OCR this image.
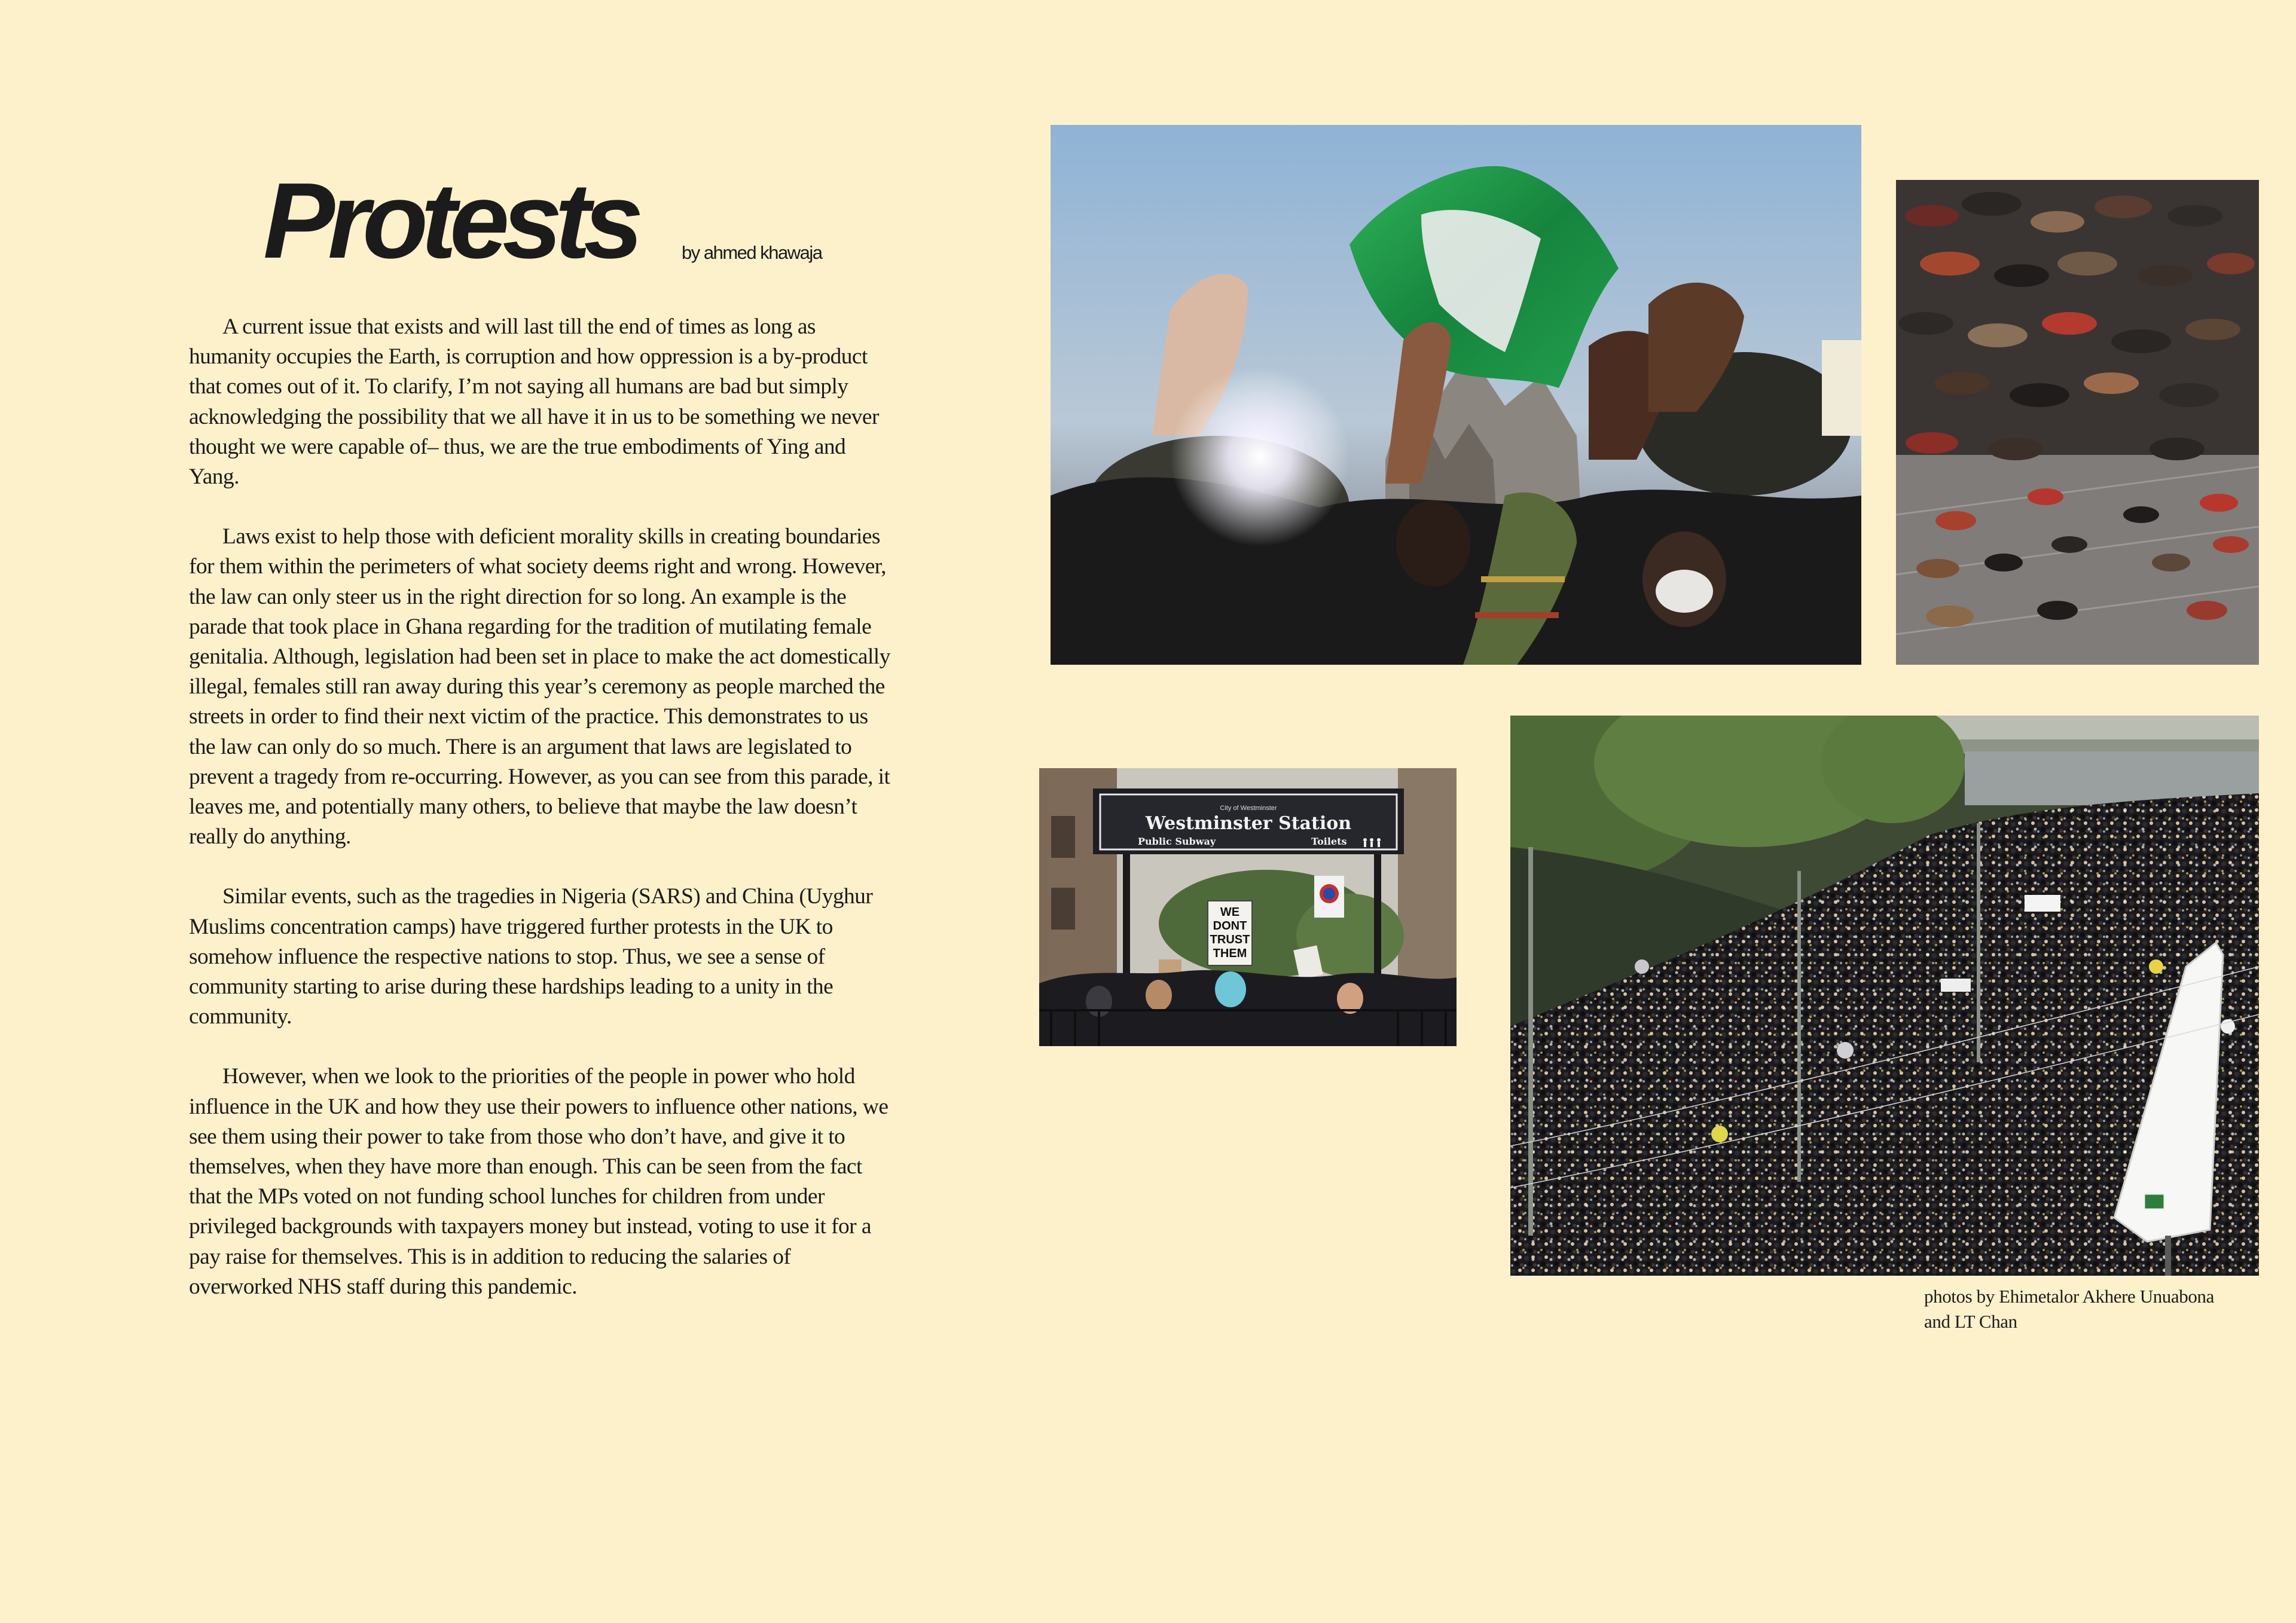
Protests by ahmed khawaja

A current issue that exists and will last till the end of times as long as humanity occupies the Earth, is corruption and how oppression is a by-product that comes out of it. To clarify, I’m not saying all humans are bad but simply acknowledging the possibility that we all have it in us to be something we never thought we were capable of– thus, we are the true embodiments of Ying and Yang.

Laws exist to help those with deficient morality skills in creating boundaries for them within the perimeters of what society deems right and wrong. However, the law can only steer us in the right direction for so long. An example is the parade that took place in Ghana regarding for the tradition of mutilating female genitalia. Although, legislation had been set in place to make the act domestically illegal, females still ran away during this year’s ceremony as people marched the streets in order to find their next victim of the practice. This demonstrates to us the law can only do so much. There is an argument that laws are legislated to prevent a tragedy from re-occurring. However, as you can see from this parade, it leaves me, and potentially many others, to believe that maybe the law doesn’t really do anything.

Similar events, such as the tragedies in Nigeria (SARS) and China (Uyghur Muslims concentration camps) have triggered further protests in the UK to somehow influence the respective nations to stop. Thus, we see a sense of community starting to arise during these hardships leading to a unity in the community.

However, when we look to the priorities of the people in power who hold influence in the UK and how they use their powers to influence other nations, we see them using their power to take from those who don’t have, and give it to themselves, when they have more than enough. This can be seen from the fact that the MPs voted on not funding school lunches for children from under privileged backgrounds with taxpayers money but instead, voting to use it for a pay raise for themselves. This is in addition to reducing the salaries of overworked NHS staff during this pandemic.

City of Westminster
Westminster Station
Public Subway	Toilets
WE
DONT
TRUST
THEM
photos by Ehimetalor Akhere Unuabona
and LT Chan
